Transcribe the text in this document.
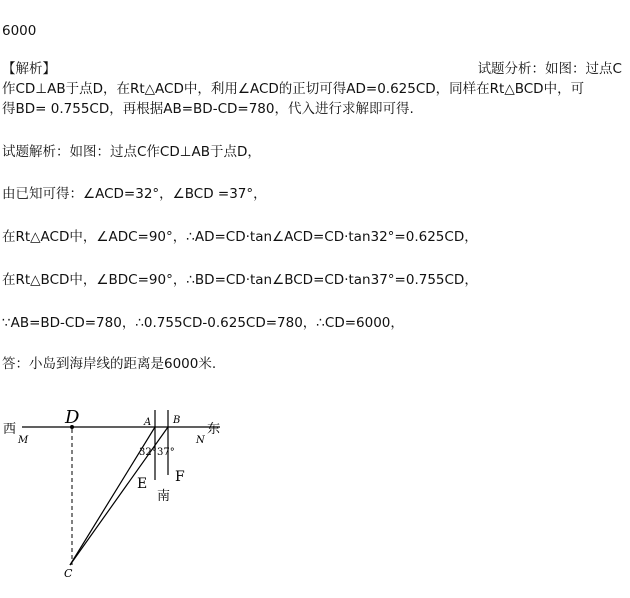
6000
【解析】	试题分析：如图：过点C
作CD⊥AB于点D，在Rt△ACD中，利用∠ACD的正切可得AD=0.625CD，同样在Rt△BCD中，可
得BD= 0.755CD，再根据AB=BD-CD=780，代入进行求解即可得.
试题解析：如图：过点C作CD⊥AB于点D，
由已知可得：∠ACD=32°，∠BCD =37°，
在Rt△ACD中，∠ADC=90°，∴AD=CD·tan∠ACD=CD·tan32°=0.625CD，
在Rt△BCD中，∠BDC=90°，∴BD=CD·tan∠BCD=CD·tan37°=0.755CD，
∵AB=BD-CD=780，∴0.755CD-0.625CD=780，∴CD=6000，
答：小岛到海岸线的距离是6000米.
西
M
D	A B
N
东
32° 37°
E F
南
C
